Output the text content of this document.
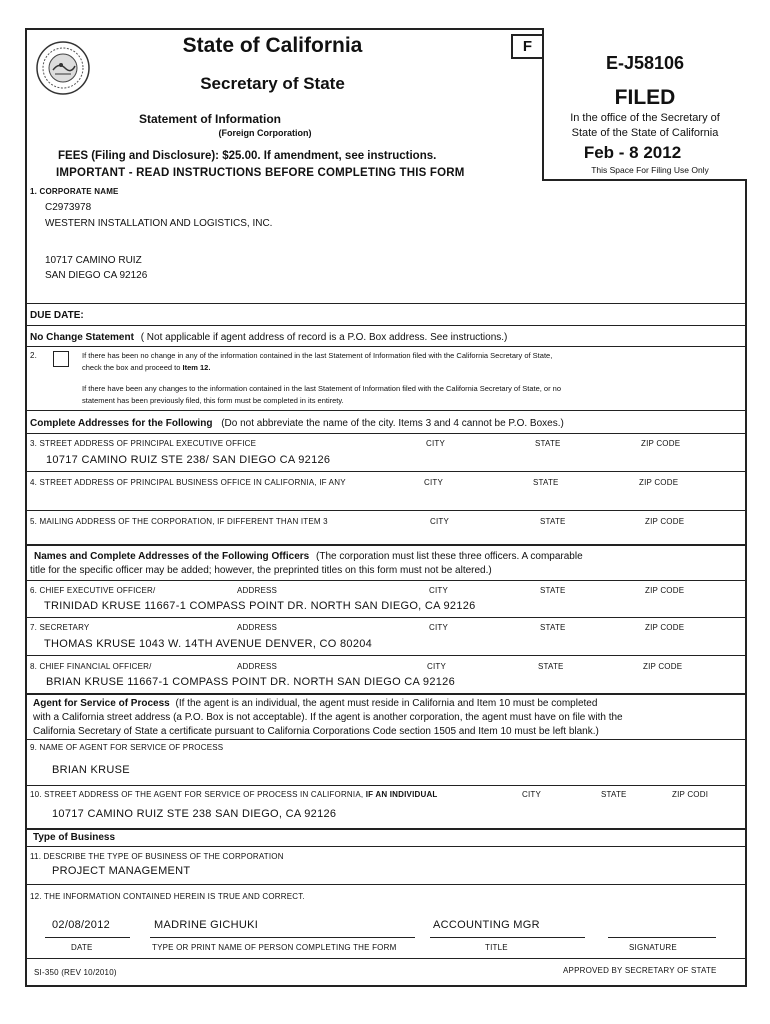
State of California
Secretary of State
Statement of Information
(Foreign Corporation)
FEES (Filing and Disclosure): $25.00. If amendment, see instructions.
IMPORTANT - READ INSTRUCTIONS BEFORE COMPLETING THIS FORM
F
E-J58106
FILED
In the office of the Secretary of
State of the State of California
Feb - 8 2012
This Space For Filing Use Only
1. CORPORATE NAME
C2973978
WESTERN INSTALLATION AND LOGISTICS, INC.
10717 CAMINO RUIZ
SAN DIEGO CA 92126
DUE DATE:
No Change Statement ( Not applicable if agent address of record is a P.O. Box address. See instructions.)
2.	If there has been no change in any of the information contained in the last Statement of Information filed with the California Secretary of State,
check the box and proceed to Item 12.
If there have been any changes to the information contained in the last Statement of Information filed with the California Secretary of State, or no
statement has been previously filed, this form must be completed in its entirety.
Complete Addresses for the Following (Do not abbreviate the name of the city. Items 3 and 4 cannot be P.O. Boxes.)
3. STREET ADDRESS OF PRINCIPAL EXECUTIVE OFFICE	CITY	STATE	ZIP CODE
10717 CAMINO RUIZ STE 238/ SAN DIEGO CA 92126
4. STREET ADDRESS OF PRINCIPAL BUSINESS OFFICE IN CALIFORNIA, IF ANY	CITY	STATE	ZIP CODE
5. MAILING ADDRESS OF THE CORPORATION, IF DIFFERENT THAN ITEM 3	CITY	STATE	ZIP CODE
Names and Complete Addresses of the Following Officers (The corporation must list these three officers. A comparable
title for the specific officer may be added; however, the preprinted titles on this form must not be altered.)
6. CHIEF EXECUTIVE OFFICER/	ADDRESS	CITY	STATE	ZIP CODE
TRINIDAD KRUSE 11667-1 COMPASS POINT DR. NORTH SAN DIEGO, CA 92126
7. SECRETARY	ADDRESS	CITY	STATE	ZIP CODE
THOMAS KRUSE 1043 W. 14TH AVENUE DENVER, CO 80204
8. CHIEF FINANCIAL OFFICER/	ADDRESS	CITY	STATE	ZIP CODE
BRIAN KRUSE 11667-1 COMPASS POINT DR. NORTH SAN DIEGO CA 92126
Agent for Service of Process (If the agent is an individual, the agent must reside in California and Item 10 must be completed
with a California street address (a P.O. Box is not acceptable). If the agent is another corporation, the agent must have on file with the
California Secretary of State a certificate pursuant to California Corporations Code section 1505 and Item 10 must be left blank.)
9. NAME OF AGENT FOR SERVICE OF PROCESS
BRIAN KRUSE
10. STREET ADDRESS OF THE AGENT FOR SERVICE OF PROCESS IN CALIFORNIA, IF AN INDIVIDUAL	CITY	STATE	ZIP CODI
10717 CAMINO RUIZ STE 238 SAN DIEGO, CA 92126
Type of Business
11. DESCRIBE THE TYPE OF BUSINESS OF THE CORPORATION
PROJECT MANAGEMENT
12. THE INFORMATION CONTAINED HEREIN IS TRUE AND CORRECT.
02/08/2012	MADRINE GICHUKI	ACCOUNTING MGR
DATE	TYPE OR PRINT NAME OF PERSON COMPLETING THE FORM	TITLE	SIGNATURE
SI-350 (REV 10/2010)	APPROVED BY SECRETARY OF STATE
